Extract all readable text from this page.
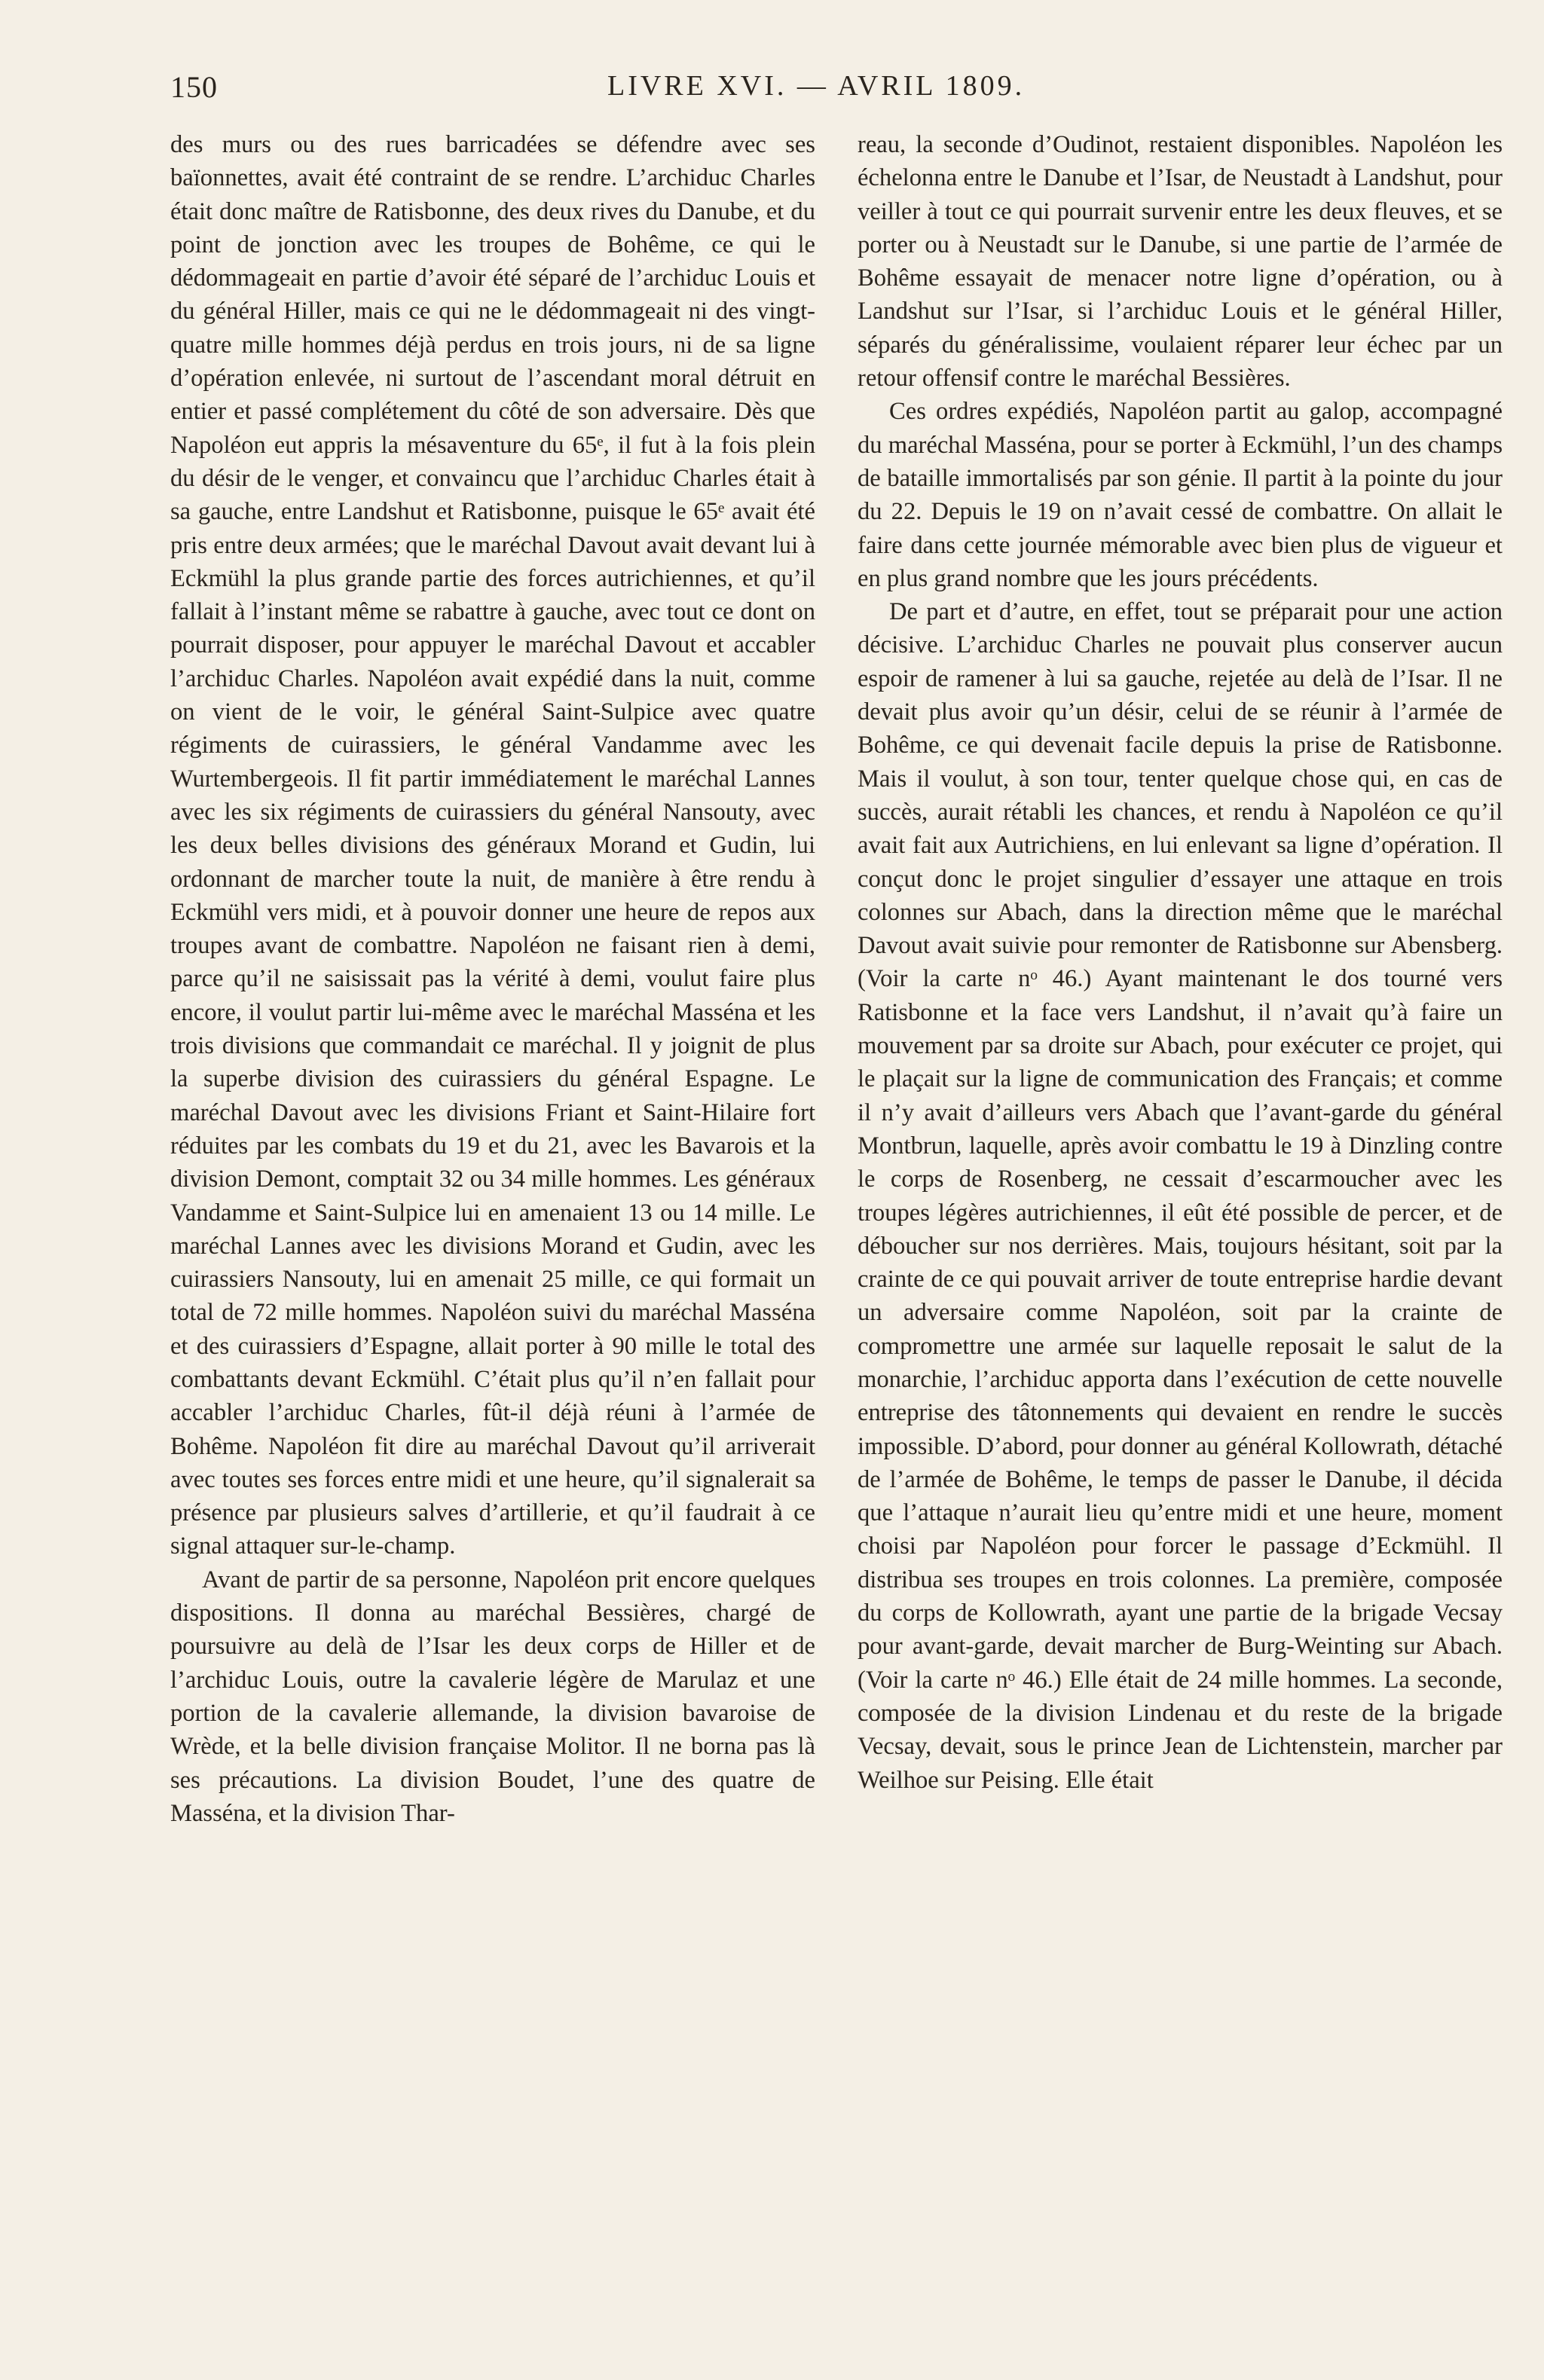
150	LIVRE XVI. — AVRIL 1809.

des murs ou des rues barricadées se défendre avec ses baïonnettes, avait été contraint de se rendre. L’archiduc Charles était donc maître de Ratisbonne, des deux rives du Danube, et du point de jonction avec les troupes de Bohême, ce qui le dédommageait en partie d’avoir été séparé de l’archiduc Louis et du général Hiller, mais ce qui ne le dédommageait ni des vingt-quatre mille hommes déjà perdus en trois jours, ni de sa ligne d’opération enlevée, ni surtout de l’ascendant moral détruit en entier et passé complétement du côté de son adversaire. Dès que Napoléon eut appris la mésaventure du 65ᵉ, il fut à la fois plein du désir de le venger, et convaincu que l’archiduc Charles était à sa gauche, entre Landshut et Ratisbonne, puisque le 65ᵉ avait été pris entre deux armées; que le maréchal Davout avait devant lui à Eckmühl la plus grande partie des forces autrichiennes, et qu’il fallait à l’instant même se rabattre à gauche, avec tout ce dont on pourrait disposer, pour appuyer le maréchal Davout et accabler l’archiduc Charles. Napoléon avait expédié dans la nuit, comme on vient de le voir, le général Saint-Sulpice avec quatre régiments de cuirassiers, le général Vandamme avec les Wurtembergeois. Il fit partir immédiatement le maréchal Lannes avec les six régiments de cuirassiers du général Nansouty, avec les deux belles divisions des généraux Morand et Gudin, lui ordonnant de marcher toute la nuit, de manière à être rendu à Eckmühl vers midi, et à pouvoir donner une heure de repos aux troupes avant de combattre. Napoléon ne faisant rien à demi, parce qu’il ne saisissait pas la vérité à demi, voulut faire plus encore, il voulut partir lui-même avec le maréchal Masséna et les trois divisions que commandait ce maréchal. Il y joignit de plus la superbe division des cuirassiers du général Espagne. Le maréchal Davout avec les divisions Friant et Saint-Hilaire fort réduites par les combats du 19 et du 21, avec les Bavarois et la division Demont, comptait 32 ou 34 mille hommes. Les généraux Vandamme et Saint-Sulpice lui en amenaient 13 ou 14 mille. Le maréchal Lannes avec les divisions Morand et Gudin, avec les cuirassiers Nansouty, lui en amenait 25 mille, ce qui formait un total de 72 mille hommes. Napoléon suivi du maréchal Masséna et des cuirassiers d’Espagne, allait porter à 90 mille le total des combattants devant Eckmühl. C’était plus qu’il n’en fallait pour accabler l’archiduc Charles, fût-il déjà réuni à l’armée de Bohême. Napoléon fit dire au maréchal Davout qu’il arriverait avec toutes ses forces entre midi et une heure, qu’il signalerait sa présence par plusieurs salves d’artillerie, et qu’il faudrait à ce signal attaquer sur-le-champ.

Avant de partir de sa personne, Napoléon prit encore quelques dispositions. Il donna au maréchal Bessières, chargé de poursuivre au delà de l’Isar les deux corps de Hiller et de l’archiduc Louis, outre la cavalerie légère de Marulaz et une portion de la cavalerie allemande, la division bavaroise de Wrède, et la belle division française Molitor. Il ne borna pas là ses précautions. La division Boudet, l’une des quatre de Masséna, et la division Thar-

reau, la seconde d’Oudinot, restaient disponibles. Napoléon les échelonna entre le Danube et l’Isar, de Neustadt à Landshut, pour veiller à tout ce qui pourrait survenir entre les deux fleuves, et se porter ou à Neustadt sur le Danube, si une partie de l’armée de Bohême essayait de menacer notre ligne d’opération, ou à Landshut sur l’Isar, si l’archiduc Louis et le général Hiller, séparés du généralissime, voulaient réparer leur échec par un retour offensif contre le maréchal Bessières.

Ces ordres expédiés, Napoléon partit au galop, accompagné du maréchal Masséna, pour se porter à Eckmühl, l’un des champs de bataille immortalisés par son génie. Il partit à la pointe du jour du 22. Depuis le 19 on n’avait cessé de combattre. On allait le faire dans cette journée mémorable avec bien plus de vigueur et en plus grand nombre que les jours précédents.

De part et d’autre, en effet, tout se préparait pour une action décisive. L’archiduc Charles ne pouvait plus conserver aucun espoir de ramener à lui sa gauche, rejetée au delà de l’Isar. Il ne devait plus avoir qu’un désir, celui de se réunir à l’armée de Bohême, ce qui devenait facile depuis la prise de Ratisbonne. Mais il voulut, à son tour, tenter quelque chose qui, en cas de succès, aurait rétabli les chances, et rendu à Napoléon ce qu’il avait fait aux Autrichiens, en lui enlevant sa ligne d’opération. Il conçut donc le projet singulier d’essayer une attaque en trois colonnes sur Abach, dans la direction même que le maréchal Davout avait suivie pour remonter de Ratisbonne sur Abensberg. (Voir la carte nᵒ 46.) Ayant maintenant le dos tourné vers Ratisbonne et la face vers Landshut, il n’avait qu’à faire un mouvement par sa droite sur Abach, pour exécuter ce projet, qui le plaçait sur la ligne de communication des Français; et comme il n’y avait d’ailleurs vers Abach que l’avant-garde du général Montbrun, laquelle, après avoir combattu le 19 à Dinzling contre le corps de Rosenberg, ne cessait d’escarmoucher avec les troupes légères autrichiennes, il eût été possible de percer, et de déboucher sur nos derrières. Mais, toujours hésitant, soit par la crainte de ce qui pouvait arriver de toute entreprise hardie devant un adversaire comme Napoléon, soit par la crainte de compromettre une armée sur laquelle reposait le salut de la monarchie, l’archiduc apporta dans l’exécution de cette nouvelle entreprise des tâtonnements qui devaient en rendre le succès impossible. D’abord, pour donner au général Kollowrath, détaché de l’armée de Bohême, le temps de passer le Danube, il décida que l’attaque n’aurait lieu qu’entre midi et une heure, moment choisi par Napoléon pour forcer le passage d’Eckmühl. Il distribua ses troupes en trois colonnes. La première, composée du corps de Kollowrath, ayant une partie de la brigade Vecsay pour avant-garde, devait marcher de Burg-Weinting sur Abach. (Voir la carte nᵒ 46.) Elle était de 24 mille hommes. La seconde, composée de la division Lindenau et du reste de la brigade Vecsay, devait, sous le prince Jean de Lichtenstein, marcher par Weilhoe sur Peising. Elle était
